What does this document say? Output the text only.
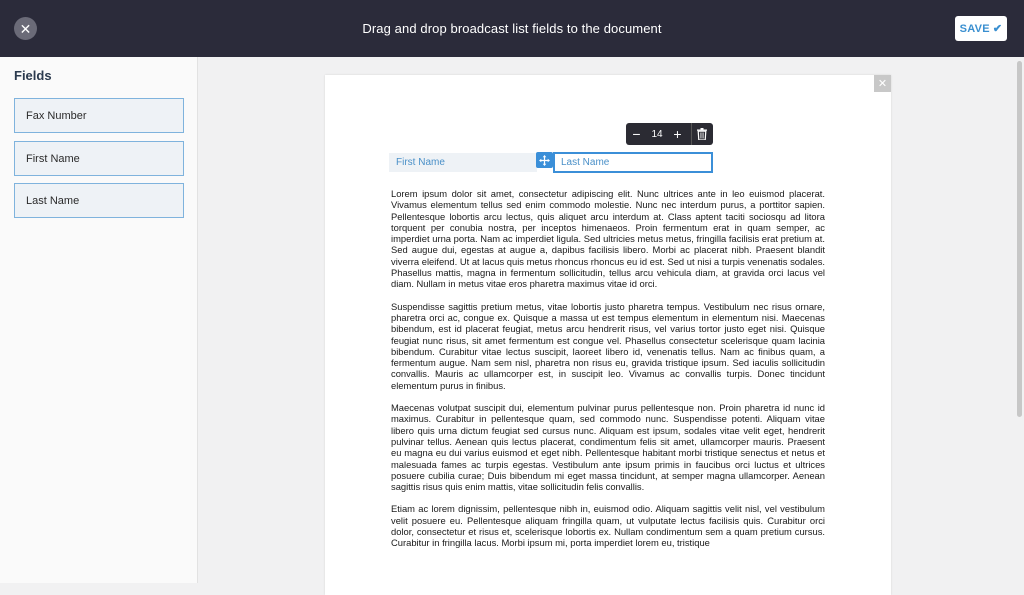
✕	Drag and drop broadcast list fields to the document	SAVE ✔
Fields
Fax Number
First Name
Last Name
✕
−	14 +
First Name	Last Name

Lorem ipsum dolor sit amet, consectetur adipiscing elit. Nunc ultrices ante in leo euismod placerat. Vivamus elementum tellus sed enim commodo molestie. Nunc nec interdum purus, a porttitor sapien. Pellentesque lobortis arcu lectus, quis aliquet arcu interdum at. Class aptent taciti sociosqu ad litora torquent per conubia nostra, per inceptos himenaeos. Proin fermentum erat in quam semper, ac imperdiet urna porta. Nam ac imperdiet ligula. Sed ultricies metus metus, fringilla facilisis erat pretium at. Sed augue dui, egestas at augue a, dapibus facilisis libero. Morbi ac placerat nibh. Praesent blandit viverra eleifend. Ut at lacus quis metus rhoncus rhoncus eu id est. Sed ut nisi a turpis venenatis sodales. Phasellus mattis, magna in fermentum sollicitudin, tellus arcu vehicula diam, at gravida orci lacus vel diam. Nullam in metus vitae eros pharetra maximus vitae id orci.

Suspendisse sagittis pretium metus, vitae lobortis justo pharetra tempus. Vestibulum nec risus ornare, pharetra orci ac, congue ex. Quisque a massa ut est tempus elementum in elementum nisi. Maecenas bibendum, est id placerat feugiat, metus arcu hendrerit risus, vel varius tortor justo eget nisi. Quisque feugiat nunc risus, sit amet fermentum est congue vel. Phasellus consectetur scelerisque quam lacinia bibendum. Curabitur vitae lectus suscipit, laoreet libero id, venenatis tellus. Nam ac finibus quam, a fermentum augue. Nam sem nisl, pharetra non risus eu, gravida tristique ipsum. Sed iaculis sollicitudin convallis. Mauris ac ullamcorper est, in suscipit leo. Vivamus ac convallis turpis. Donec tincidunt elementum purus in finibus.

Maecenas volutpat suscipit dui, elementum pulvinar purus pellentesque non. Proin pharetra id nunc id maximus. Curabitur in pellentesque quam, sed commodo nunc. Suspendisse potenti. Aliquam vitae libero quis urna dictum feugiat sed cursus nunc. Aliquam est ipsum, sodales vitae velit eget, hendrerit pulvinar tellus. Aenean quis lectus placerat, condimentum felis sit amet, ullamcorper mauris. Praesent eu magna eu dui varius euismod et eget nibh. Pellentesque habitant morbi tristique senectus et netus et malesuada fames ac turpis egestas. Vestibulum ante ipsum primis in faucibus orci luctus et ultrices posuere cubilia curae; Duis bibendum mi eget massa tincidunt, at semper magna ullamcorper. Aenean sagittis risus quis enim mattis, vitae sollicitudin felis convallis.

Etiam ac lorem dignissim, pellentesque nibh in, euismod odio. Aliquam sagittis velit nisl, vel vestibulum velit posuere eu. Pellentesque aliquam fringilla quam, ut vulputate lectus facilisis quis. Curabitur orci dolor, consectetur et risus et, scelerisque lobortis ex. Nullam condimentum sem a quam pretium cursus. Curabitur in fringilla lacus. Morbi ipsum mi, porta imperdiet lorem eu, tristique
